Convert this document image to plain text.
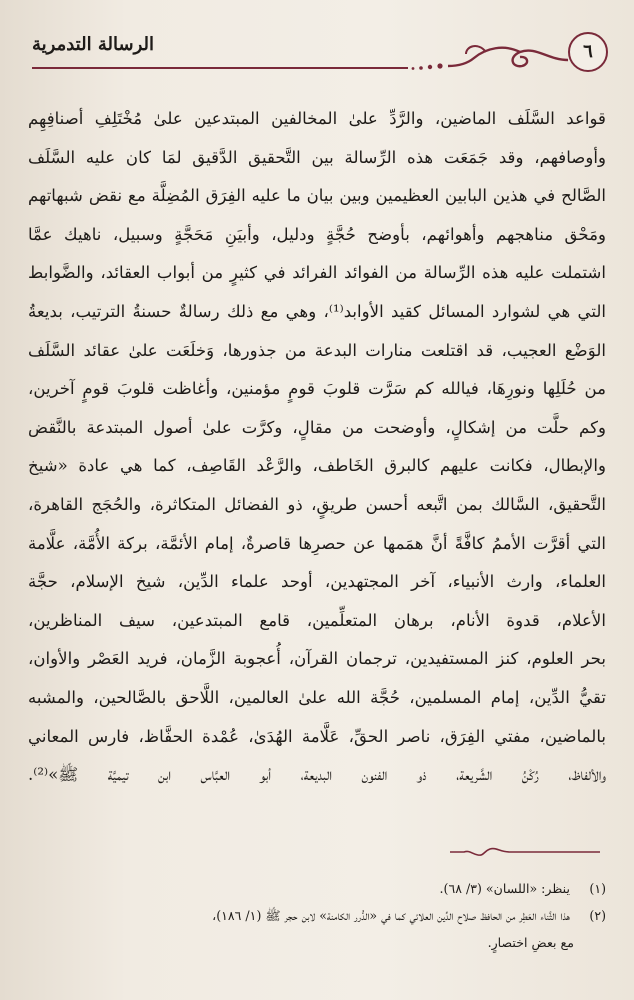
٦
الرسالة التدمرية
قواعد السَّلَف الماضين، والرَّدِّ علىٰ المخالفين المبتدعين علىٰ مُخْتَلِفِ أصنافِهِم
وأوصافهم، وقد جَمَعَت هذه الرِّسالة بين التَّحقيق الدَّقيق لمَا كان عليه السَّلَف
الصَّالح في هذين البابين العظيمين وبين بيان ما عليه الفِرَق المُضِلَّة مع نقض شبهاتهم
ومَحْق مناهجهم وأهوائهم، بأوضح حُجَّةٍ ودليل، وأبيَنِ مَحَجَّةٍ وسبيل، ناهيك عمَّا
اشتملت عليه هذه الرِّسالة من الفوائد الفرائد في كثيرٍ من أبواب العقائد، والضَّوابط
التي هي لشوارد المسائل كقيد الأوابد⁽¹⁾، وهي مع ذلك رسالةٌ حسنةُ الترتيب، بديعةُ
الوَضْع العجيب، قد اقتلعت منارات البدعة من جذورها، وَخلَعَت علىٰ عقائد السَّلَف
من حُلَلِها ونورِهَا، فيالله كم سَرَّت قلوبَ قومٍ مؤمنين، وأغاظت قلوبَ قومٍ آخرين،
وكم حلَّت من إشكالٍ، وأوضحت من مقالٍ، وكرَّت علىٰ أصول المبتدعة بالنَّقض
والإبطال، فكانت عليهم كالبرق الخَاطف، والرَّعْد القَاصِف، كما هي عادة «شيخ
التَّحقيق، السَّالك بمن اتَّبعه أحسن طريقٍ، ذو الفضائل المتكاثرة، والحُجَج القاهرة،
التي أقرَّت الأممُ كافَّةً أنَّ همَمها عن حصرِها قاصرةٌ، إمام الأئمَّة، بركة الأُمَّة، علَّامة
العلماء، وارث الأنبياء، آخر المجتهدين، أوحد علماء الدِّين، شيخ الإسلام، حجَّة
الأعلام، قدوة الأنام، برهان المتعلِّمين، قامع المبتدعين، سيف المناظرين،
بحر العلوم، كنز المستفيدين، ترجمان القرآن، أُعجوبة الزَّمان، فريد العَصْر والأوان،
تقيُّ الدِّين، إمام المسلمين، حُجَّة الله علىٰ العالمين، اللَّاحق بالصَّالحين، والمشبه
بالماضين، مفتي الفِرَق، ناصر الحقِّ، عَلَّامة الهُدَىٰ، عُمْدة الحفَّاظ، فارس المعاني
والألفاظ، رُكْنُ الشَّريعة، ذو الفنون البديعة، أبو العبَّاس ابن تيميَّة ﷺ»⁽²⁾.
(١) ينظر: «اللسان» (٣/ ٦٨).
(٢) هذا الثَّناء العَطِر من الحافظ صلاح الدِّين العلائي كما في «الدُّرر الكامنة» لابن حجر ﷺ (١/ ١٨٦)،
مع بعضِ اختصارٍ.
